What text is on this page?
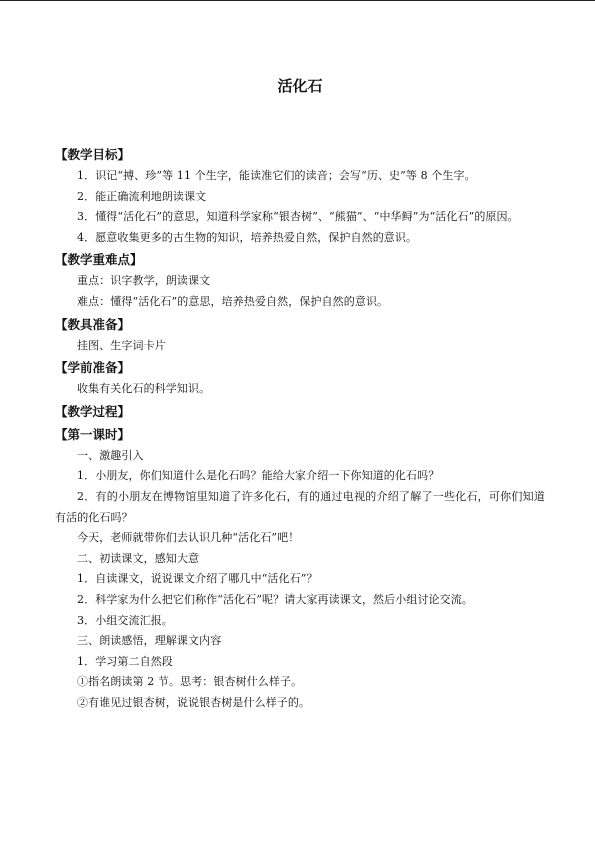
活化石
【教学目标】

1．识记“搏、珍”等 11 个生字，能读准它们的读音；会写“历、史”等 8 个生字。

2．能正确流利地朗读课文

3．懂得“活化石”的意思，知道科学家称“银杏树”、“熊猫”、“中华鲟”为“活化石”的原因。

4．愿意收集更多的古生物的知识，培养热爱自然，保护自然的意识。

【教学重难点】

重点：识字教学，朗读课文

难点：懂得“活化石”的意思，培养热爱自然，保护自然的意识。

【教具准备】

挂图、生字词卡片

【学前准备】

收集有关化石的科学知识。

【教学过程】
【第一课时】

一、激趣引入

1．小朋友，你们知道什么是化石吗？能给大家介绍一下你知道的化石吗？

2．有的小朋友在博物馆里知道了许多化石，有的通过电视的介绍了解了一些化石，可你们知道有活的化石吗？

今天，老师就带你们去认识几种“活化石”吧！

二、初读课文，感知大意

1．自读课文，说说课文介绍了哪几中“活化石”？

2．科学家为什么把它们称作“活化石”呢？请大家再读课文，然后小组讨论交流。

3．小组交流汇报。

三、朗读感悟，理解课文内容

1．学习第二自然段

①指名朗读第 2 节。思考：银杏树什么样子。

②有谁见过银杏树，说说银杏树是什么样子的。
